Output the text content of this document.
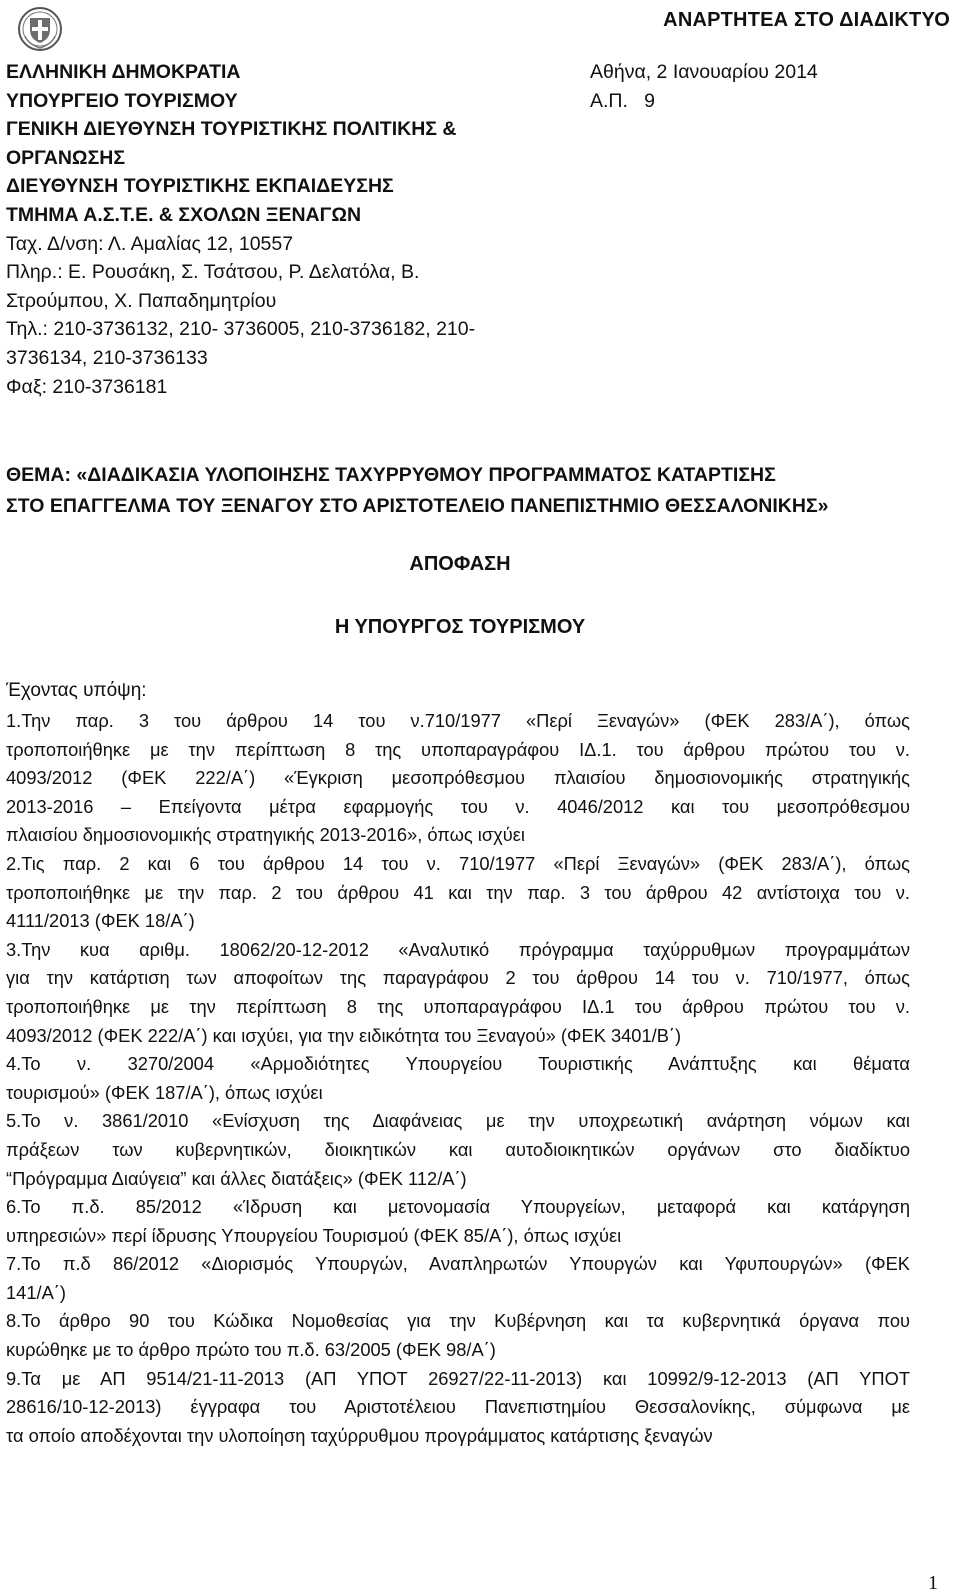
ΑΝΑΡΤΗΤΕΑ ΣΤΟ ΔΙΑΔΙΚΤΥΟ
ΕΛΛΗΝΙΚΗ ΔΗΜΟΚΡΑΤΙΑ
ΥΠΟΥΡΓΕΙΟ ΤΟΥΡΙΣΜΟΥ
ΓΕΝΙΚΗ ΔΙΕΥΘΥΝΣΗ ΤΟΥΡΙΣΤΙΚΗΣ ΠΟΛΙΤΙΚΗΣ &
ΟΡΓΑΝΩΣΗΣ
ΔΙΕΥΘΥΝΣΗ ΤΟΥΡΙΣΤΙΚΗΣ ΕΚΠΑΙΔΕΥΣΗΣ
ΤΜΗΜΑ Α.Σ.Τ.Ε. & ΣΧΟΛΩΝ ΞΕΝΑΓΩΝ
Ταχ. Δ/νση: Λ. Αμαλίας 12, 10557
Πληρ.: Ε. Ρουσάκη, Σ. Τσάτσου, Ρ. Δελατόλα, Β.
Στρούμπου, Χ. Παπαδημητρίου
Τηλ.: 210-3736132, 210- 3736005, 210-3736182, 210-
3736134, 210-3736133
Φαξ: 210-3736181
Αθήνα, 2 Ιανουαρίου 2014
Α.Π.   9
ΘΕΜΑ: «ΔΙΑΔΙΚΑΣΙΑ ΥΛΟΠΟΙΗΣΗΣ ΤΑΧΥΡΡΥΘΜΟΥ ΠΡΟΓΡΑΜΜΑΤΟΣ ΚΑΤΑΡΤΙΣΗΣ
ΣΤΟ ΕΠΑΓΓΕΛΜΑ ΤΟΥ ΞΕΝΑΓΟΥ ΣΤΟ ΑΡΙΣΤΟΤΕΛΕΙΟ ΠΑΝΕΠΙΣΤΗΜΙΟ ΘΕΣΣΑΛΟΝΙΚΗΣ»
ΑΠΟΦΑΣΗ
Η ΥΠΟΥΡΓΟΣ ΤΟΥΡΙΣΜΟΥ
Έχοντας υπόψη:
1.Την παρ. 3 του άρθρου 14 του ν.710/1977 «Περί Ξεναγών» (ΦΕΚ 283/Α΄), όπως
τροποποιήθηκε με την περίπτωση 8 της υποπαραγράφου ΙΔ.1. του άρθρου πρώτου του ν.
4093/2012 (ΦΕΚ 222/Α΄) «Έγκριση μεσοπρόθεσμου πλαισίου δημοσιονομικής στρατηγικής
2013-2016 – Επείγοντα μέτρα εφαρμογής του ν. 4046/2012 και του μεσοπρόθεσμου
πλαισίου δημοσιονομικής στρατηγικής 2013-2016», όπως ισχύει
2.Τις παρ. 2 και 6 του άρθρου 14 του ν. 710/1977 «Περί Ξεναγών» (ΦΕΚ 283/Α΄), όπως
τροποποιήθηκε με την παρ. 2 του άρθρου 41 και την παρ. 3 του άρθρου 42 αντίστοιχα του ν.
4111/2013 (ΦΕΚ 18/Α΄)
3.Την κυα αριθμ. 18062/20-12-2012 «Αναλυτικό πρόγραμμα ταχύρρυθμων προγραμμάτων
για την κατάρτιση των αποφοίτων της παραγράφου 2 του άρθρου 14 του ν. 710/1977, όπως
τροποποιήθηκε με την περίπτωση 8 της υποπαραγράφου ΙΔ.1 του άρθρου πρώτου του ν.
4093/2012 (ΦΕΚ 222/Α΄) και ισχύει, για την ειδικότητα του Ξεναγού» (ΦΕΚ 3401/Β΄)
4.Το ν. 3270/2004 «Αρμοδιότητες Υπουργείου Τουριστικής Ανάπτυξης και θέματα
τουρισμού» (ΦΕΚ 187/Α΄), όπως ισχύει
5.Το ν. 3861/2010 «Ενίσχυση της Διαφάνειας με την υποχρεωτική ανάρτηση νόμων και
πράξεων των κυβερνητικών, διοικητικών και αυτοδιοικητικών οργάνων στο διαδίκτυο
“Πρόγραμμα Διαύγεια” και άλλες διατάξεις» (ΦΕΚ 112/Α΄)
6.Το π.δ. 85/2012 «Ίδρυση και μετονομασία Υπουργείων, μεταφορά και κατάργηση
υπηρεσιών» περί ίδρυσης Υπουργείου Τουρισμού (ΦΕΚ 85/Α΄), όπως ισχύει
7.Το π.δ 86/2012 «Διορισμός Υπουργών, Αναπληρωτών Υπουργών και Υφυπουργών» (ΦΕΚ
141/Α΄)
8.Το άρθρο 90 του Κώδικα Νομοθεσίας για την Κυβέρνηση και τα κυβερνητικά όργανα που
κυρώθηκε με το άρθρο πρώτο του π.δ. 63/2005 (ΦΕΚ 98/Α΄)
9.Τα με ΑΠ 9514/21-11-2013 (ΑΠ ΥΠΟΤ 26927/22-11-2013) και 10992/9-12-2013 (ΑΠ ΥΠΟΤ
28616/10-12-2013) έγγραφα του Αριστοτέλειου Πανεπιστημίου Θεσσαλονίκης, σύμφωνα με
τα οποίο αποδέχονται την υλοποίηση ταχύρρυθμου προγράμματος κατάρτισης ξεναγών
1
